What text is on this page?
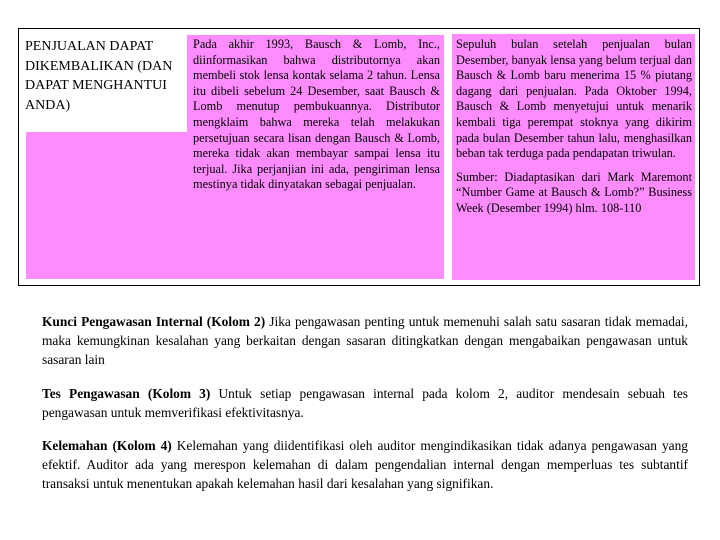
PENJUALAN DAPAT DIKEMBALIKAN (DAN DAPAT MENGHANTUI ANDA)
Pada akhir 1993, Bausch & Lomb, Inc., diinformasikan bahwa distributornya akan membeli stok lensa kontak selama 2 tahun. Lensa itu dibeli sebelum 24 Desember, saat Bausch & Lomb menutup pembukuannya. Distributor mengklaim bahwa mereka telah melakukan persetujuan secara lisan dengan Bausch & Lomb, mereka tidak akan membayar sampai lensa itu terjual. Jika perjanjian ini ada, pengiriman lensa mestinya tidak dinyatakan sebagai penjualan.
Sepuluh bulan setelah penjualan bulan Desember, banyak lensa yang belum terjual dan Bausch & Lomb baru menerima 15 % piutang dagang dari penjualan. Pada Oktober 1994, Bausch & Lomb menyetujui untuk menarik kembali tiga perempat stoknya yang dikirim pada bulan Desember tahun lalu, menghasilkan beban tak terduga pada pendapatan triwulan.
Sumber: Diadaptasikan dari Mark Maremont “Number Game at Bausch & Lomb?” Business Week (Desember 1994) hlm. 108-110

Kunci Pengawasan Internal (Kolom 2) Jika pengawasan penting untuk memenuhi salah satu sasaran tidak memadai, maka kemungkinan kesalahan yang berkaitan dengan sasaran ditingkatkan dengan mengabaikan pengawasan untuk sasaran lain

Tes Pengawasan (Kolom 3) Untuk setiap pengawasan internal pada kolom 2, auditor mendesain sebuah tes pengawasan untuk memverifikasi efektivitasnya.

Kelemahan (Kolom 4) Kelemahan yang diidentifikasi oleh auditor mengindikasikan tidak adanya pengawasan yang efektif. Auditor ada yang merespon kelemahan di dalam pengendalian internal dengan memperluas tes subtantif transaksi untuk menentukan apakah kelemahan hasil dari kesalahan yang signifikan.
